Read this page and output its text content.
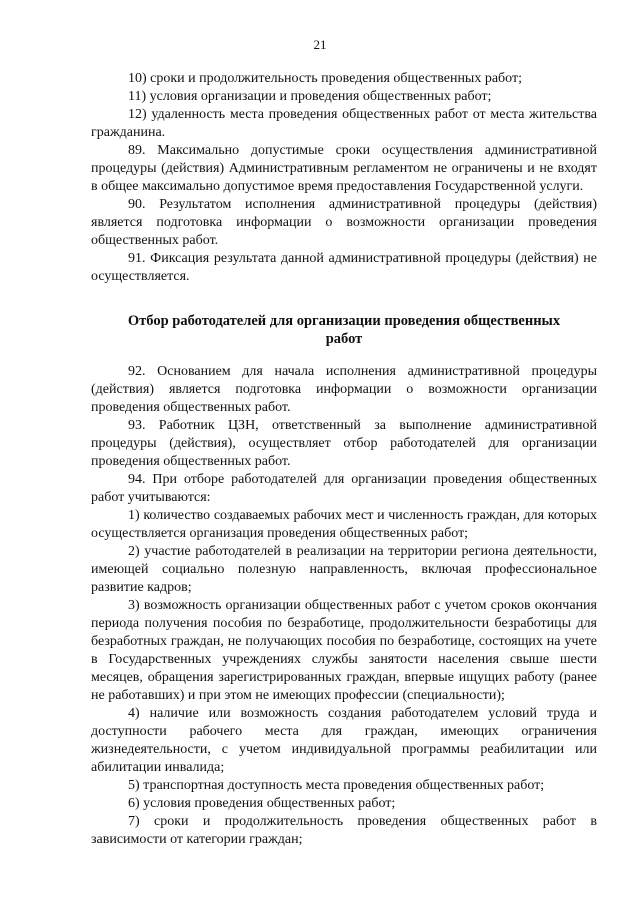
21

10) сроки и продолжительность проведения общественных работ;

11) условия организации и проведения общественных работ;

12) удаленность места проведения общественных работ от места жительства гражданина.

89. Максимально допустимые сроки осуществления административной процедуры (действия) Административным регламентом не ограничены и не входят в общее максимально допустимое время предоставления Государственной услуги.

90. Результатом исполнения административной процедуры (действия) является подготовка информации о возможности организации проведения общественных работ.

91. Фиксация результата данной административной процедуры (действия) не осуществляется.

Отбор работодателей для организации проведения общественных работ

92. Основанием для начала исполнения административной процедуры (действия) является подготовка информации о возможности организации проведения общественных работ.

93. Работник ЦЗН, ответственный за выполнение административной процедуры (действия), осуществляет отбор работодателей для организации проведения общественных работ.

94. При отборе работодателей для организации проведения общественных работ учитываются:

1) количество создаваемых рабочих мест и численность граждан, для которых осуществляется организация проведения общественных работ;

2) участие работодателей в реализации на территории региона деятельности, имеющей социально полезную направленность, включая профессиональное развитие кадров;

3) возможность организации общественных работ с учетом сроков окончания периода получения пособия по безработице, продолжительности безработицы для безработных граждан, не получающих пособия по безработице, состоящих на учете в Государственных учреждениях службы занятости населения свыше шести месяцев, обращения зарегистрированных граждан, впервые ищущих работу (ранее не работавших) и при этом не имеющих профессии (специальности);

4) наличие или возможность создания работодателем условий труда и доступности рабочего места для граждан, имеющих ограничения жизнедеятельности, с учетом индивидуальной программы реабилитации или абилитации инвалида;

5) транспортная доступность места проведения общественных работ;

6) условия проведения общественных работ;

7) сроки и продолжительность проведения общественных работ в зависимости от категории граждан;
